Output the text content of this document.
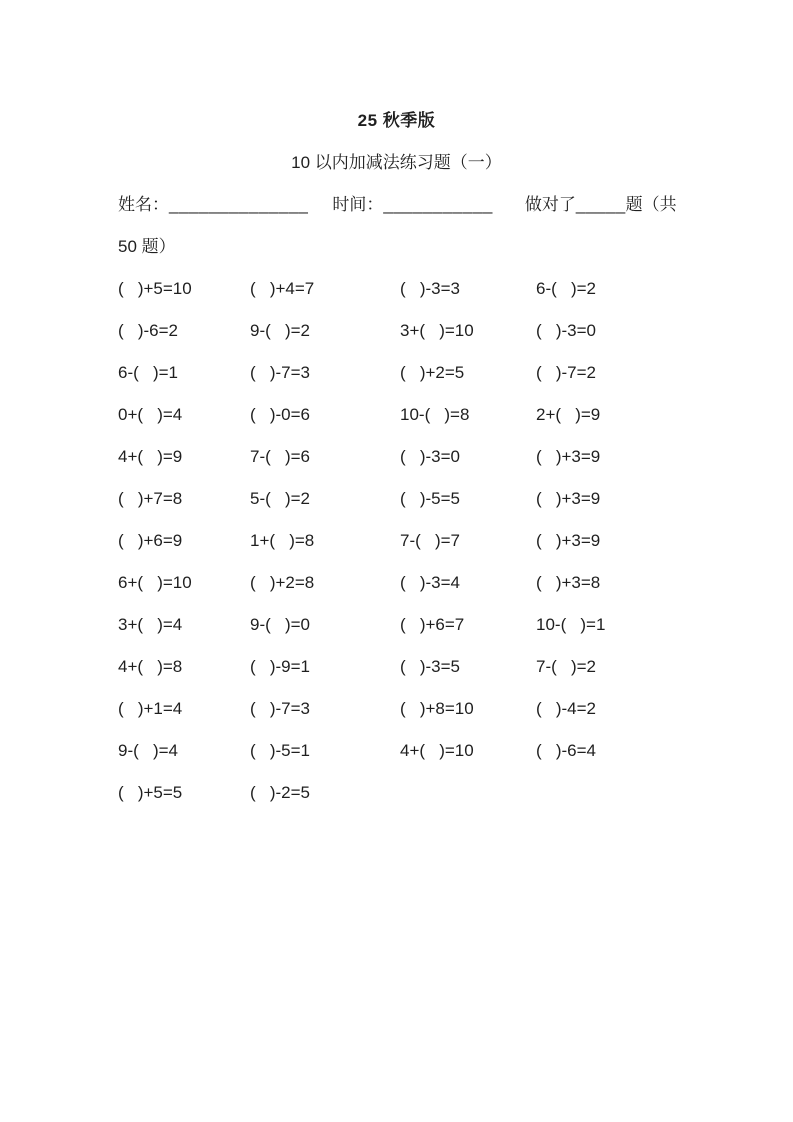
25 秋季版
10 以内加减法练习题（一）
姓名： ______________ 时间： ___________ 做对了 _____ 题（共
50 题）
(   )+5=10	(   )+4=7	(   )-3=3	6-(   )=2
(   )-6=2	9-(   )=2	3+(   )=10	(   )-3=0
6-(   )=1	(   )-7=3	(   )+2=5	(   )-7=2
0+(   )=4	(   )-0=6	10-(   )=8	2+(   )=9
4+(   )=9	7-(   )=6	(   )-3=0	(   )+3=9
(   )+7=8	5-(   )=2	(   )-5=5	(   )+3=9
(   )+6=9	1+(   )=8	7-(   )=7	(   )+3=9
6+(   )=10	(   )+2=8	(   )-3=4	(   )+3=8
3+(   )=4	9-(   )=0	(   )+6=7	10-(   )=1
4+(   )=8	(   )-9=1	(   )-3=5	7-(   )=2
(   )+1=4	(   )-7=3	(   )+8=10	(   )-4=2
9-(   )=4	(   )-5=1	4+(   )=10	(   )-6=4
(   )+5=5	(   )-2=5
